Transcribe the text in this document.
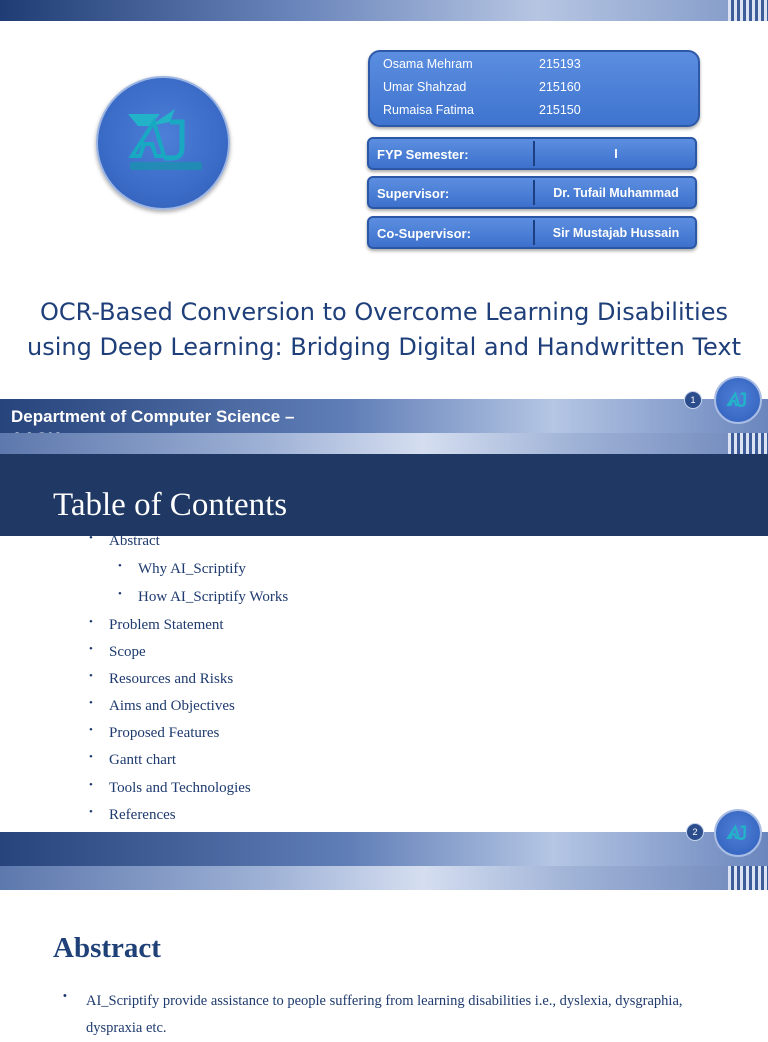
Osama Mehram	215193
Umar Shahzad	215160
Rumaisa Fatima	215150
FYP Semester:	I
Supervisor:	Dr. Tufail Muhammad
Co-Supervisor:	Sir Mustajab Hussain
OCR-Based Conversion to Overcome Learning Disabilities
using Deep Learning: Bridging Digital and Handwritten Text
Department of Computer Science –
1
Table of Contents
• Abstract
• Why AI_Scriptify
• How AI_Scriptify Works
• Problem Statement
• Scope
• Resources and Risks
• Aims and Objectives
• Proposed Features
• Gantt chart
• Tools and Technologies
• References
2
Abstract
• AI_Scriptify provide assistance to people suffering from learning disabilities i.e., dyslexia, dysgraphia, dyspraxia etc.
